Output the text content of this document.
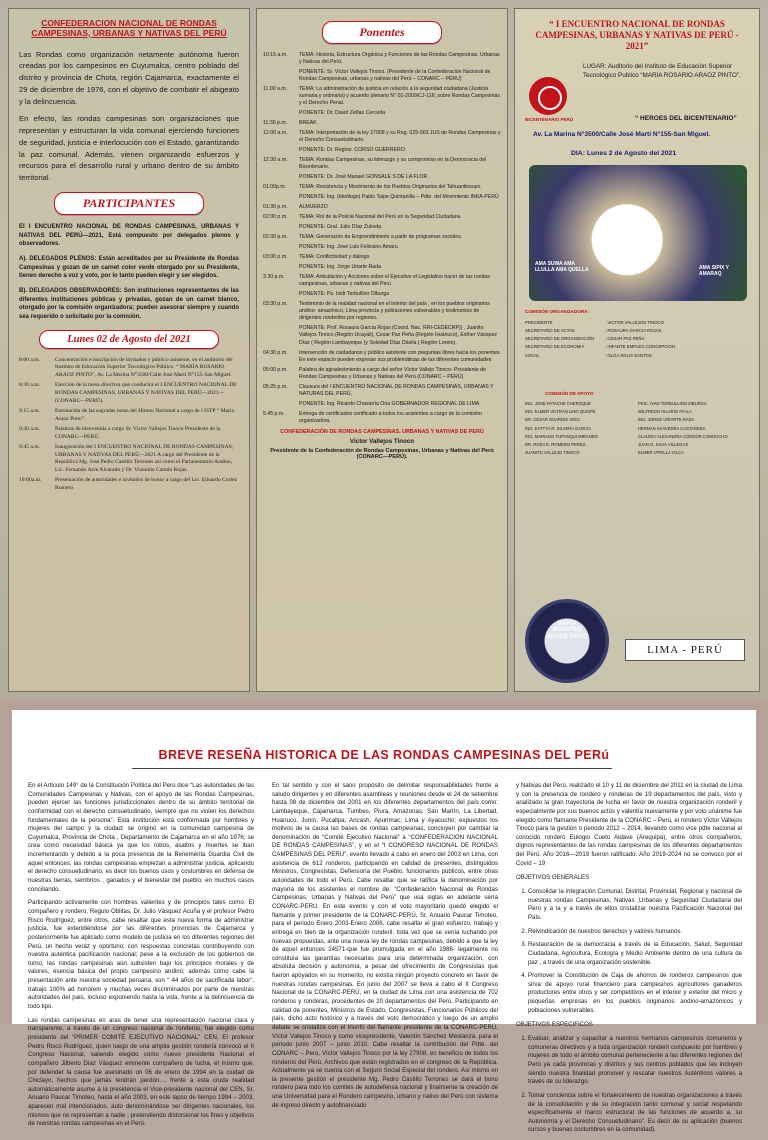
CONFEDERACION NACIONAL DE RONDAS CAMPESINAS, URBANAS Y NATIVAS DEL PERÚ

Las Rondas como organización netamente autónoma fueron creadas por los campesinos en Cuyumalca, centro poblado del distrito y provincia de Chota, región Cajamarca, exactamente el 29 de diciembre de 1976, con el objetivo de combatir el abigeato y la delincuencia.

En efecto, las rondas campesinas son organizaciones que representan y estructuran la vida comunal ejerciendo funciones de seguridad, justicia e interlocución con el Estado, garantizando la paz comunal. Además, vienen organizando esfuerzos y recursos para el desarrollo rural y urbano dentro de su ámbito territorial.

PARTICIPANTES

El I ENCUENTRO NACIONAL DE RONDAS CAMPESINAS, URBANAS Y NATIVAS DEL PERÚ—2021, Está compuesto por delegados plenos y observadores.

A). DELEGADOS PLENOS: Están acreditados por su Presidente de Rondas Campesinas y gozan de un carnet color verde otorgado por su Presidente, tienen derecho a voz y voto, por lo tanto pueden elegir y ser elegidos.

B). DELEGADOS OBSERVADORES: Son instituciones representantes de las diferentes instituciones públicas y privadas, gozan de un carnet blanco, otorgado por la comisión organizadora; pueden asesorar siempre y cuando sea requerido o solicitado por la comisión.

Lunes 02 de Agosto del 2021
8:00 a.m.	Concentración e inscripción de invitados y público asistente, en el auditorio del Instituto de Educación Superior Tecnológico Público. “ MARÍA ROSARIO ARAOZ PINTO”, Av. La Marina N°3500/Calle José Martí N°155-San Miguel.
8:30 a.m.	Elección de la mesa directiva que conducirá el I ENCUENTRO NACIONAL DE RONDAS CAMPESINAS, URBANAS Y NATIVAS DEL PERÚ—2021— (CONARC—PERÚ).
9:15 a.m.	Entonación de las sagradas notas del Himno Nacional a cargo de l ISTP “ María Araoz Pinto”.
9:30 a.m.	Palabras de bienvenida a cargo Sr. Víctor Vallejos Tinoco Presidente de la CONARC—PERÚ.
9:45 a.m.	Inauguración del I ENCUENTRO NACIONAL DE RONDAS CAMPESINAS, URBANAS Y NATIVAS DEL PERÚ—2021 A cargo del Presidente de la República Mg. José Pedro Castillo Terrones así como el Parlamentario Andino, Lic. Fernando Arce Alvarado y Dr. Vianuldo Camón Rojas.
10:00a.m.	Presentación de autoridades e invitados de honor a cargo del Lic. Eduardo Cortez Romero
Ponentes
10:15 a.m.	TEMA: Historia, Estructura Orgánica y Funciones de las Rondas Campesinas, Urbanas y Nativas del Perú.
PONENTE: Sr. Víctor Vallejos Tinoco. (Presidente de la Confederación Nacional de Rondas Campesinas, urbanas y nativas del Perú – CONARC – PERU)
11:00 a.m.	TEMA: La administración de justicia en relación a la seguridad ciudadana (Justicia sumaria y ordinaria) y acuerdo plenario N° 01-2009/CJ-116; sobre Rondas Campesinas y el Derecho Penal.
PONENTE: Dr. David Zeñas Cerceda
11:30 p.m.	BREAK
12:00 a.m.	TEMA: Interpretación de la ley 27908 y su Reg. 025-003 JUS de Rondas Campesinas y el Derecho Consuetudinario.
PONENTE: Dr. Regino. CORSO GUERRERO.
12:30 a.m.	TEMA: Rondas Campesinas, su liderazgo y su compromiso en la Democracia del Bicentenario.
PONENTE: Dr. José Manuel GONSALE S DE LA FLOR .
01:00p.m.	TEMA: Resistencia y Movimiento de los Pueblos Originarios del Tahuantinsuyo.
PONENTE: Ing. (Ideólogo) Pablo Taipe Quintanilla – Pdte. del Movimiento INKA-PERÚ
01:30 p.m.	ALMUERZO
02:00 p.m.	TEMA: Rol de la Policía Nacional del Perú en la Seguridad Ciudadana
PONENTE: Gral. Julio Díaz Zuloeta
02:30 p.m.	TEMA: Generación de Emprendimiento a partir de programas sociales.
PONENTE: Ing. José Luis Feliciano Amaru.
03:00 p.m.	TEMA: Conflictividad y diálogo
PONENTE: Ing. Jorge Uriarte Rada
3.30 p.m.	TEMA: Articulación y Acciones sobre el Ejecutivo el Legislativo hacer de las rondas campesinas, urbanas y nativas del Perú
PONENTE: Ps. Isidr Terbullino Olburga
03:30 p.m.	Testimonio de la realidad nacional en el interior del país , en los pueblos originarios andino- amazónico, Lima provincia y poblaciones vulnerables y testimonios de dirigentes ronderiles por regiones.
PONENTE: Prof. Rosaura García Rojas (Coord. Nac. RRI-CEDECRP)) , Juanito Vallejos Tinoco (Región Ucayali), Cesar Paz Peña (Región Huánuco), Esther Vásquez Díaz ( Región Lambayeque )y Soledad Díaz Dávila ( Región Loreto).
04:30 p.m.	Intervención de ciudadanos y público asistente con preguntas libres hacia los ponentes. En este espacio pueden expresar sus problemáticas de las diferentes comunidades
05:00 p.m.	Palabra de agradecimiento a cargo del señor Víctor Vallejo Tinoco- Presidente de Rondas Campesinas y Urbanas y Nativas del Perú (CONARC – PERÚ)
05:25 p.m.	Clausura del I ENCUENTRO NACIONAL DE RONDAS CAMPESINAS, URBANAS Y NATURAS DEL PERÚ,
PONENTE: Ing. Ricardo Chavarria Oria GOBERNADOR REGIONAL DE LIMA
5.45 p.m.	Entrega de certificados certificado a todos los asistentes a cargo de la comisión organizadora.
CONFEDERACIÓN DE RONDAS CAMPESINAS, URBANAS Y NATIVAS DE PERÚ
Víctor Vallejos Tinoco
Presidente de la Confederación de Rondas Campesinas, Urbanas y Nativas del Perú (CONARC—PERÚ).
“ I ENCUENTRO NACIONAL DE RONDAS CAMPESINAS, URBANAS Y NATIVAS DE PERÚ - 2021”
BICENTENARIO PERÚ
LUGAR: Auditorio del Instituto de Educación Superior Tecnológico Publico “MARIA ROSARIO ARAOZ PINTO”.
“ HEROES DEL BICENTENARIO”
Av. La Marina N°3500/Calle José Martí N°155-San Miguel.
DIA: Lunes 2 de Agosto del 2021
AMA SUWA AMA LLULLA AMA QUELLA	AMA SIPIX Y AMARAQ
COMISIÓN ORGANIZADORA:
PRESIDENTE	: VICTOR VALLEJOS TINOCO
SECRETARIO DE ACTAS	: ROSAURA GARCIA ROJAS
SECRETARIO DE ORGANIZACIÓN	: CESAR PAZ PEÑA
SECRETARIO DE ECONOMIA	: INFANTE EMPLEO CONCEPCION
VOCAL	: OLGA SOLIS SANTOS .
COMISIÓN DE APOYO
ING. JOSE PATACHE CHEROQUE	PSIC. IVAN TERBULLINO ZIBURGA
ING. ELMER VILTRAN LINO QUISPE	WILFREDO HILARIO AYALA
DR. CÉSAR GUARDIS VIGO.	ING. JORGE URIARTE RADA
ING. KATTYA R. SILVERA GARCIA	HÉRNAN SAAVEDRA CASTAÑEDA
ING. MARIANO YUPANQUI MIRANDO	CLAUDIA ALEXANDRA CÓNDOR CONDUCHO
DR. ROSA E. ROMERO PEREZ.	JUAN G. SILVA VILLEGAS
JUANITO VALLEJO TINOCO	ELMER UTRILLA VILCA
MARIA ROSARIO ARAOZ PINTO
LIMA - PERÚ
BREVE RESEÑA HISTORICA DE LAS RONDAS CAMPESINAS DEL PERú

En el Artículo 149° de la Constitución Política del Perú dice “Las autoridades de las Comunidades Campesinas y Nativas, con el apoyo de las Rondas Campesinas, pueden ejercer las funciones jurisdiccionales dentro de su ámbito territorial de conformidad con el derecho consuetudinario, siempre que no violen los derechos fundamentales de la persona”. Esta institución está conformada por hombres y mujeres del campo y la ciudad; se originó en la comunidad campesina de Cuyumalca, Provincia de Chota , Departamento de Cajamarca en el año 1976; se crea como necesidad básica ya que los robos, asaltos y muertes se iban incrementando y debido a la poca presencia de la Benemérita Guardia Civil de aquel entonces; las rondas campesinas empiezan a administrar justicia, aplicando el derecho consuetudinario, es decir los buenos usos y costumbres en defensa de nuestras tierras, sembríos , ganados y el bienestar del pueblo; en muchos casos conciliando.

Participando activamente con hombres valientes y de principios tales como: El compañero y rondero, Regulo Oblitas, Dr. Julio Vásquez Acuña y el profesor Pedro Risco Rodríguez, entre otros, cabe resaltar que esta nueva forma de administrar justicia, fue extendiéndose por las diferentes provincias de Cajamarca y posteriormente fue aplicado como modelo de justicia en los diferentes regiones del Perú, un hecho veráz y oportuno; con respuestas concretas contribuyendo con nuestra auténtica pacificación nacional; pese a la exclusión de los gobiernos de turno, las rondas campesinas aún subsisten bajo los principios morales y de valores, esencia básica del propio campesino andino; además como cabe la presentación ante nuestra sociedad peruana, son “ 44 años de sacrificada labor”, trabajo 100% ad honorem y muchas veces discriminados por parte de nuestras autoridades del país, incluso exponiendo hasta la vida, frente a la delincuencia de todo tipo.

Las rondas campesinas en aras de tener una representación nacional clara y transparente, a través de un congreso nacional de ronderos, fue elegido como presidente del “PRIMER COMITÉ EJECUTIVO NACIONAL” CEN. El profesor Pedro Risco Rodríguez, quien luego de una amplia gestión rondería convocó el II Congreso Nacional, saliendo elegido como nuevo presidente Nacional el compañero Jilberto Díaz Vásquez eminente compañero de lucha, el mismo que, por defender la causa fue asesinado un 06 de enero de 1994 en la ciudad de Chiclayo, hechos que jamás tendrán perdón..., frente a esta cruda realidad automáticamente asume a la presidencia el Vice-presidente nacional del CEN, Sr. Anuario Paucar Timoteo, hasta el año 2003, en este lapso de tiempo 1994 – 2003, aparecen mal intencionados, auto denominándose ser dirigentes nacionales, los mismos que no representan a nadie ; pretendiendo distorsionar los fines y objetivos de nuestras rondas campesinas en el Perú.

En tal sentido y con el sano propósito de delimitar responsabilidades frente a saludo dirigentes y en diferentes asambleas y reuniones desde el 24 de setiembre hasta 08 de diciembre del 2001 en los diferentes departamentos del país como: Lambayeque, Cajamarca, Tumbes, Piura, Amazonas, San Martín, La Libertad, Huánuco, Junín, Pucallpa, Ancash, Apurímac, Lima y Ayacucho; expuestos los motivos de la causa las bases de rondas campesinas, concluyen por cambiar la denominación de “Comité Ejecutivo Nacional” a “CONFEDERACION NACIONAL DE RONDAS CAMPESINAS”, y en el “I CONGRESO NACIONAL DE RONDAS CAMPESINAS DEL PERÚ”, evento llevado a cabo en enero del 2003 en Lima, con asistencia de 612 ronderos, participando en calidad de presentes, distinguidos Ministros, Congresistas, Defensoría del Pueblo, funcionarios públicos, entre otras autoridades de todo el Perú. Cabe resaltar que se ratifica la denominación por mayoría de los asistentes el nombre de: “Confederación Nacional de Rondas Campesinas, Urbanas y Nativas del Perú” que usa siglas en adelante sería CONARC-PERU. En este evento y con el voto mayoritario quedó elegido el flamante y primer presidente de la CONARC-PERÚ, Sr. Anuario Paucar Timoteo, para el periodo Enero 2003-Enero 2006, cabe resaltar el gran esfuerzo, trabajo y entrega en bien de la organización ronderil, toda vez que se venía luchando por nuevas propuestas, ante una nueva ley de rondas campesinas, debido a que la ley de aquel entonces 24571-que fue promulgada en el año 1986- legalmente no constituía las garantías necesarias para una determinada organización, con absoluta decisión y autonomía, a pesar del ofrecimiento de Congresistas que fueron apoyados en su momento, no existía ningún proyecto concreto en favor de nuestras rondas campesinas. En junio del 2007 se lleva a cabo el II Congreso Nacional de la CONARC-PERÚ, en la ciudad de Lima con una asistencia de 702 ronderos y ronderas, procedentes de 20 departamentos del Perú. Participando en calidad de ponentes, Ministros de Estado, Congresistas, Funcionarios Públicos del país, dicho acto histórico y a través del voto democrático y luego de un amplio debate se cristaliza con el triunfo del flamante presidente de la CONARC-PERÚ, Víctor Vallejos Tinoco y como vicepresidente, Valentín Sánchez Mestanza, para el periodo junio 2007 – junio 2010. Cabe resaltar la contribución del Pdte. del CONARC – Perú, Víctor Vallejos Tinoco por la ley 27908, en beneficio de todos los ronderos del Perú. Archivos que están registrados en el congreso de la República. Actualmente ya se cuenta con el Seguro Social Especial del rondero. Así mismo en la presente gestión el presidente Mg. Pedro Castillo Terrones se dará el bono rondero para todo los comités de autodefensa nacional y finalmente la creación de una Universidad para el Rondero campesino, urbano y nativo del Perú con sistema de ingreso directo y autofinanciado

y Nativas del Perú, realizado el 10 y 11 de diciembre del 2011 en la ciudad de Lima y con la presencia de rondero y ronderas de 19 departamentos del país, visto y analizado la gran trayectoria de lucha en favor de nuestra organización ronderil y especialmente por sus buenos actos y valentía nuevamente y por voto unánime fue elegido como flamante Presidente de la CONARC – Perú, el rondero Víctor Vallejos Tinoco para la gestión o periodo 2012 – 2014, llevando como vice pdte nacional al conocido rondero Eulogio Cueto Aldave (Arequipa), entre otros compañeros, dignos representantes de las rondas campesinas de los diferentes departamentos del Perú. Año 2016—2019 fueron ratificado. Año 2019-2024 no se convoco por el Covid – 19

OBJETIVOS GENERALES
1. Consolidar la integración Comunal, Distrital, Provincial, Regional y nacional de nuestras rondas Campesinas, Nativas ,Urbanas y Seguridad Ciudadana del Perú y a la y a través de ellos cristalizar nuestra Pacificación Nacional del País.
2. Reivindicación de nuestros derechos y valores humanos.
3. Restauración de la democracia a través de la Educación, Salud, Seguridad Ciudadana, Agricultura, Ecología y Medio Ambiente dentro de una cultura de paz , a través de una organización sostenible.
4. Promover la Constitución de Caja de ahorros de ronderos campesinos que sirva de apoyo rural financiero para campesinos agricultores ganaderos productores entre otros y ser competitivos en el interior y exterior del micro y pequeñas empresas en los pueblos originarios andino-amazónicos y poblaciones vulnerables.
OBJETIVOS ESPECIFICOS
1. Evaluar, analizar y capacitar a nuestros hermanos campesinos comuneros y comuneras directivos y a toda organización ronderil compuesto por hombres y mujeres de todo el ámbito comunal perteneciente a las diferentes regiones del Perú ya cada provincias y distritos y sus centros poblados que las incluyen siendo nuestra finalidad promover y rescatar nuestros Auténticos valores a través de su liderazgo.
2. Tomar conciencia sobre el fortalecimiento de nuestras organizaciones a través de la consolidación y de su integración tanto comunal y social respetando específicamente el marco estructural de las funciones de acuerdo a, su Autonomía y el Derecho Consuetudinario”. Es decir de su aplicación (buenos cursos y buenas costumbres en la comunidad).
